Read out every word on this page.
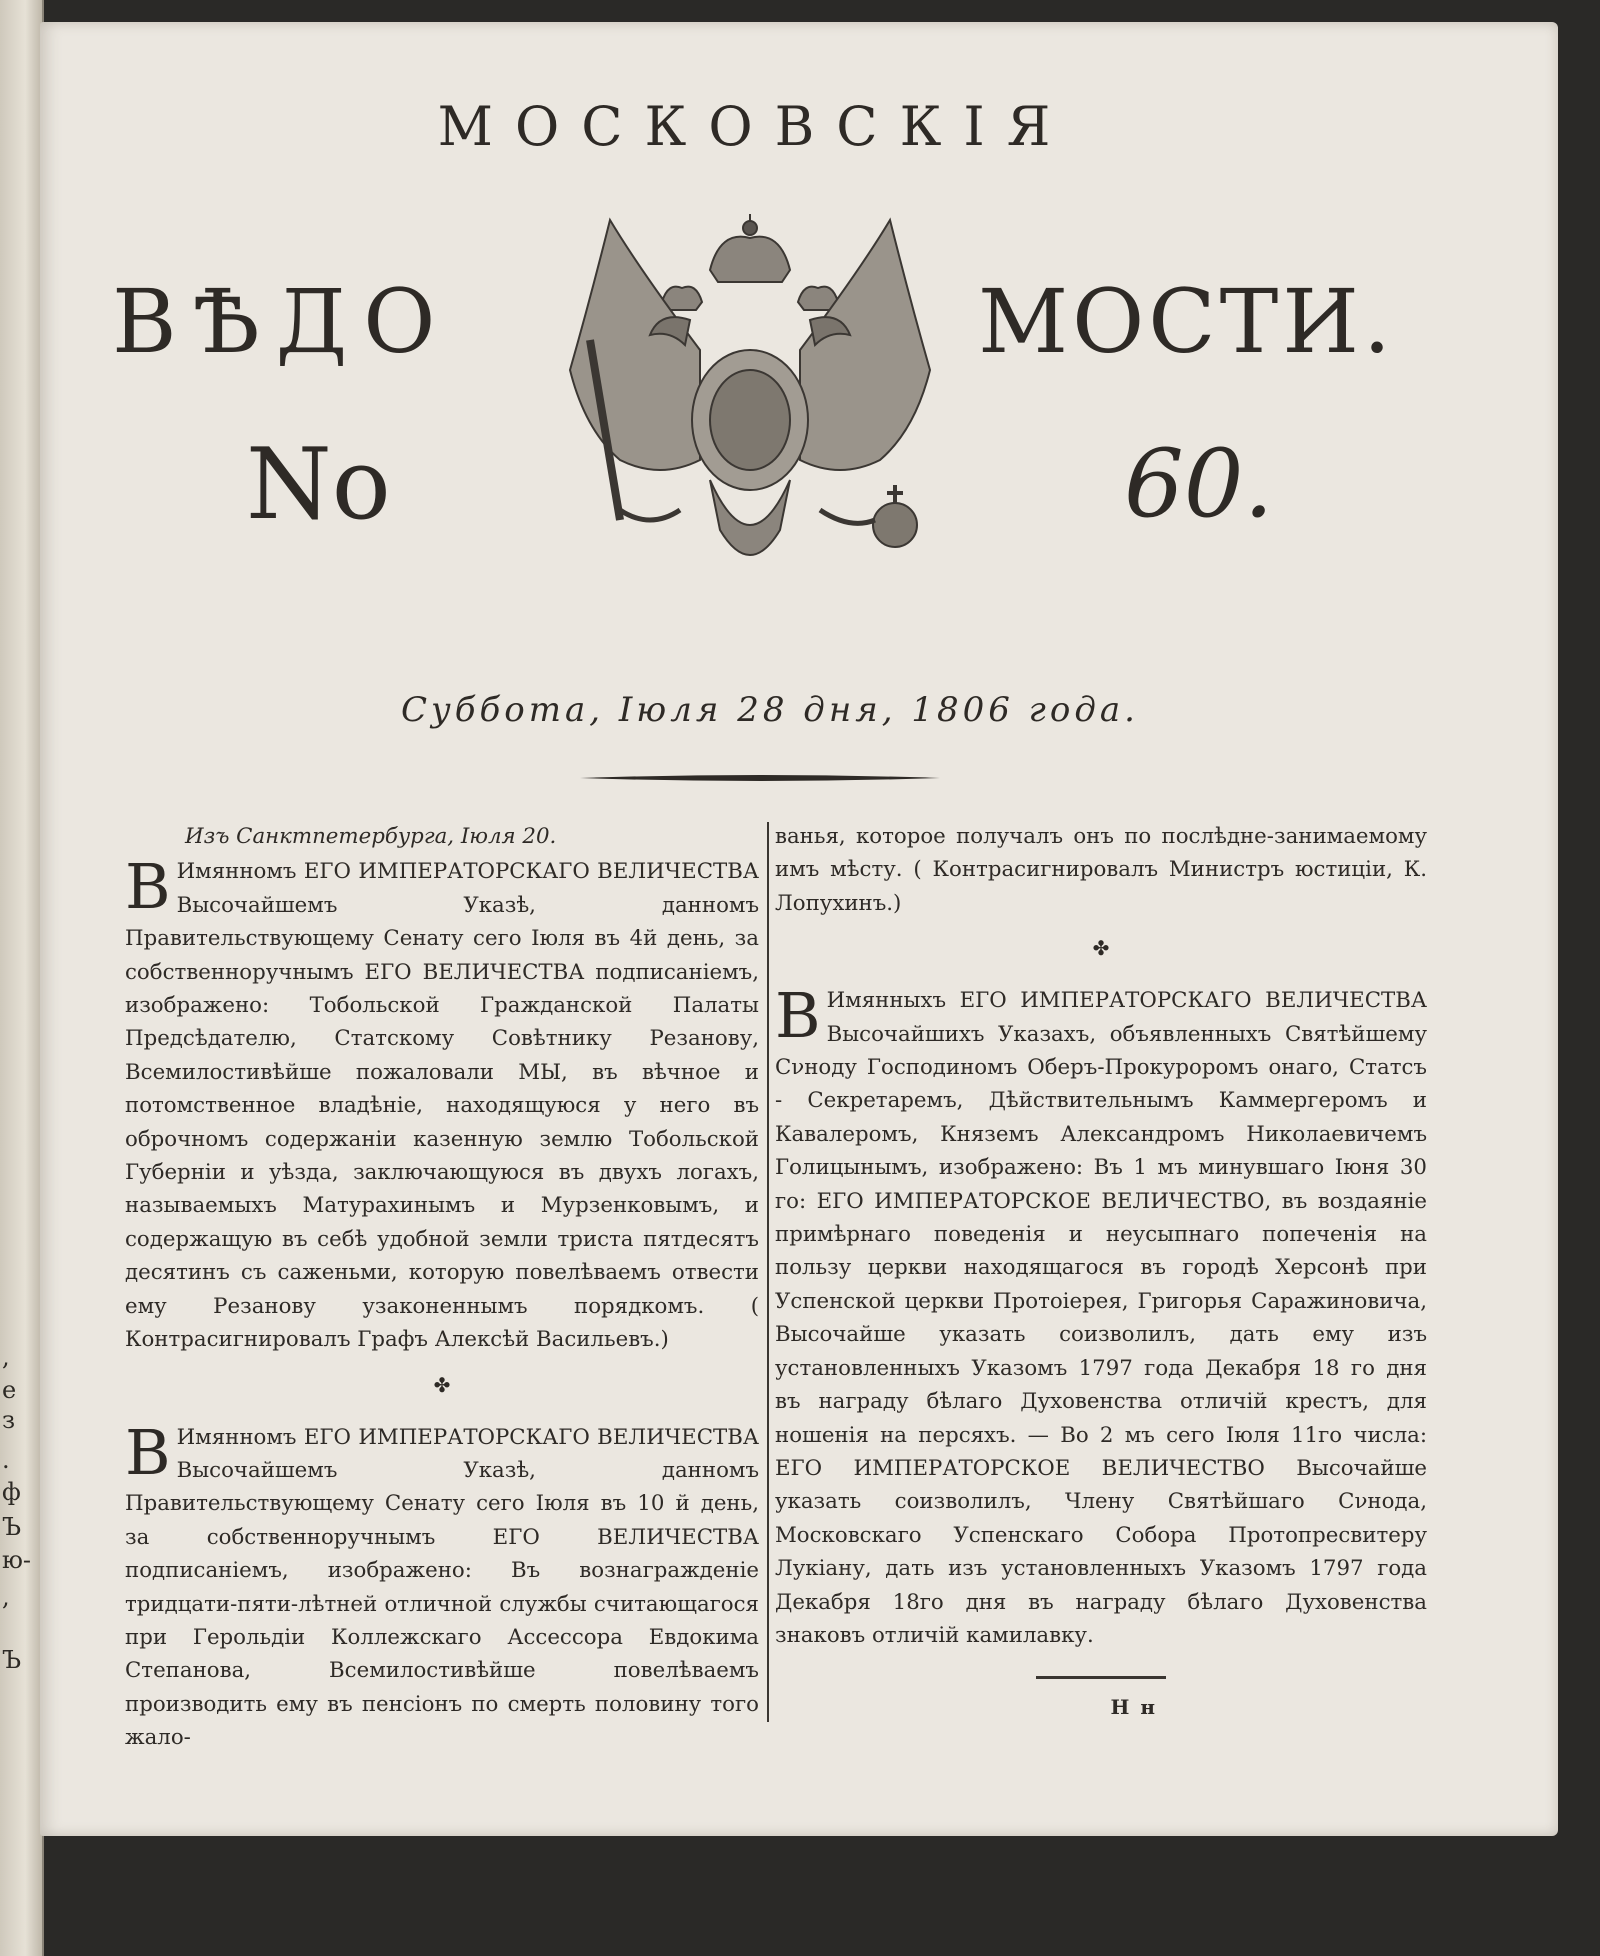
,
е
з
.
ф
Ъ
ю-
,
Ъ
МОСКОВСКІЯ
ВѢДО	МОСТИ.
No	60.
Суббота, Іюля 28 дня, 1806 года.

Изъ Санктпетербурга, Іюля 20.

В Имянномъ ЕГО ИМПЕРАТОРСКАГО ВЕЛИЧЕСТВА Высочайшемъ Указѣ, данномъ Правительствующему Сенату сего Іюля въ 4й день, за собственноручнымъ ЕГО ВЕЛИЧЕСТВА подписаніемъ, изображено: Тобольской Гражданской Палаты Предсѣдателю, Статскому Совѣтнику Резанову, Всемилостивѣйше пожаловали МЫ, въ вѣчное и потомственное владѣніе, находящуюся у него въ оброчномъ содержаніи казенную землю Тобольской Губерніи и уѣзда, заключающуюся въ двухъ логахъ, называемыхъ Матурахинымъ и Мурзенковымъ, и содержащую въ себѣ удобной земли триста пятдесятъ десятинъ съ саженьми, которую повелѣваемъ отвести ему Резанову узаконеннымъ порядкомъ. ( Контрасигнировалъ Графъ Алексѣй Васильевъ.)

✤

В Имянномъ ЕГО ИМПЕРАТОРСКАГО ВЕЛИЧЕСТВА Высочайшемъ Указѣ, данномъ Правительствующему Сенату сего Іюля въ 10 й день, за собственноручнымъ ЕГО ВЕЛИЧЕСТВА подписаніемъ, изображено: Въ вознагражденіе тридцати-пяти-лѣтней отличной службы считающагося при Герольдіи Коллежскаго Ассессора Евдокима Степанова, Всемилостивѣйше повелѣваемъ производить ему въ пенсіонъ по смерть половину того жало-

ванья, которое получалъ онъ по послѣдне-занимаемому имъ мѣсту. ( Контрасигнировалъ Министръ юстиціи, К. Лопухинъ.)

✤

В Имянныхъ ЕГО ИМПЕРАТОРСКАГО ВЕЛИЧЕСТВА Высочайшихъ Указахъ, объявленныхъ Святѣйшему Сνноду Господиномъ Оберъ-Прокуроромъ онаго, Статсъ - Секретаремъ, Дѣйствительнымъ Каммергеромъ и Кавалеромъ, Княземъ Александромъ Николаевичемъ Голицынымъ, изображено: Въ 1 мъ минувшаго Іюня 30 го: ЕГО ИМПЕРАТОРСКОЕ ВЕЛИЧЕСТВО, въ воздаяніе примѣрнаго поведенія и неусыпнаго попеченія на пользу церкви находящагося въ городѣ Херсонѣ при Успенской церкви Протоіерея, Григорья Саражиновича, Высочайше указать соизволилъ, дать ему изъ установленныхъ Указомъ 1797 года Декабря 18 го дня въ награду бѣлаго Духовенства отличій крестъ, для ношенія на персяхъ. — Во 2 мъ сего Іюля 11го числа: ЕГО ИМПЕРАТОРСКОЕ ВЕЛИЧЕСТВО Высочайше указать соизволилъ, Члену Святѣйшаго Сνнода, Московскаго Успенскаго Собора Протопресвитеру Лукіану, дать изъ установленныхъ Указомъ 1797 года Декабря 18го дня въ награду бѣлаго Духовенства знаковъ отличій камилавку.

Н н
